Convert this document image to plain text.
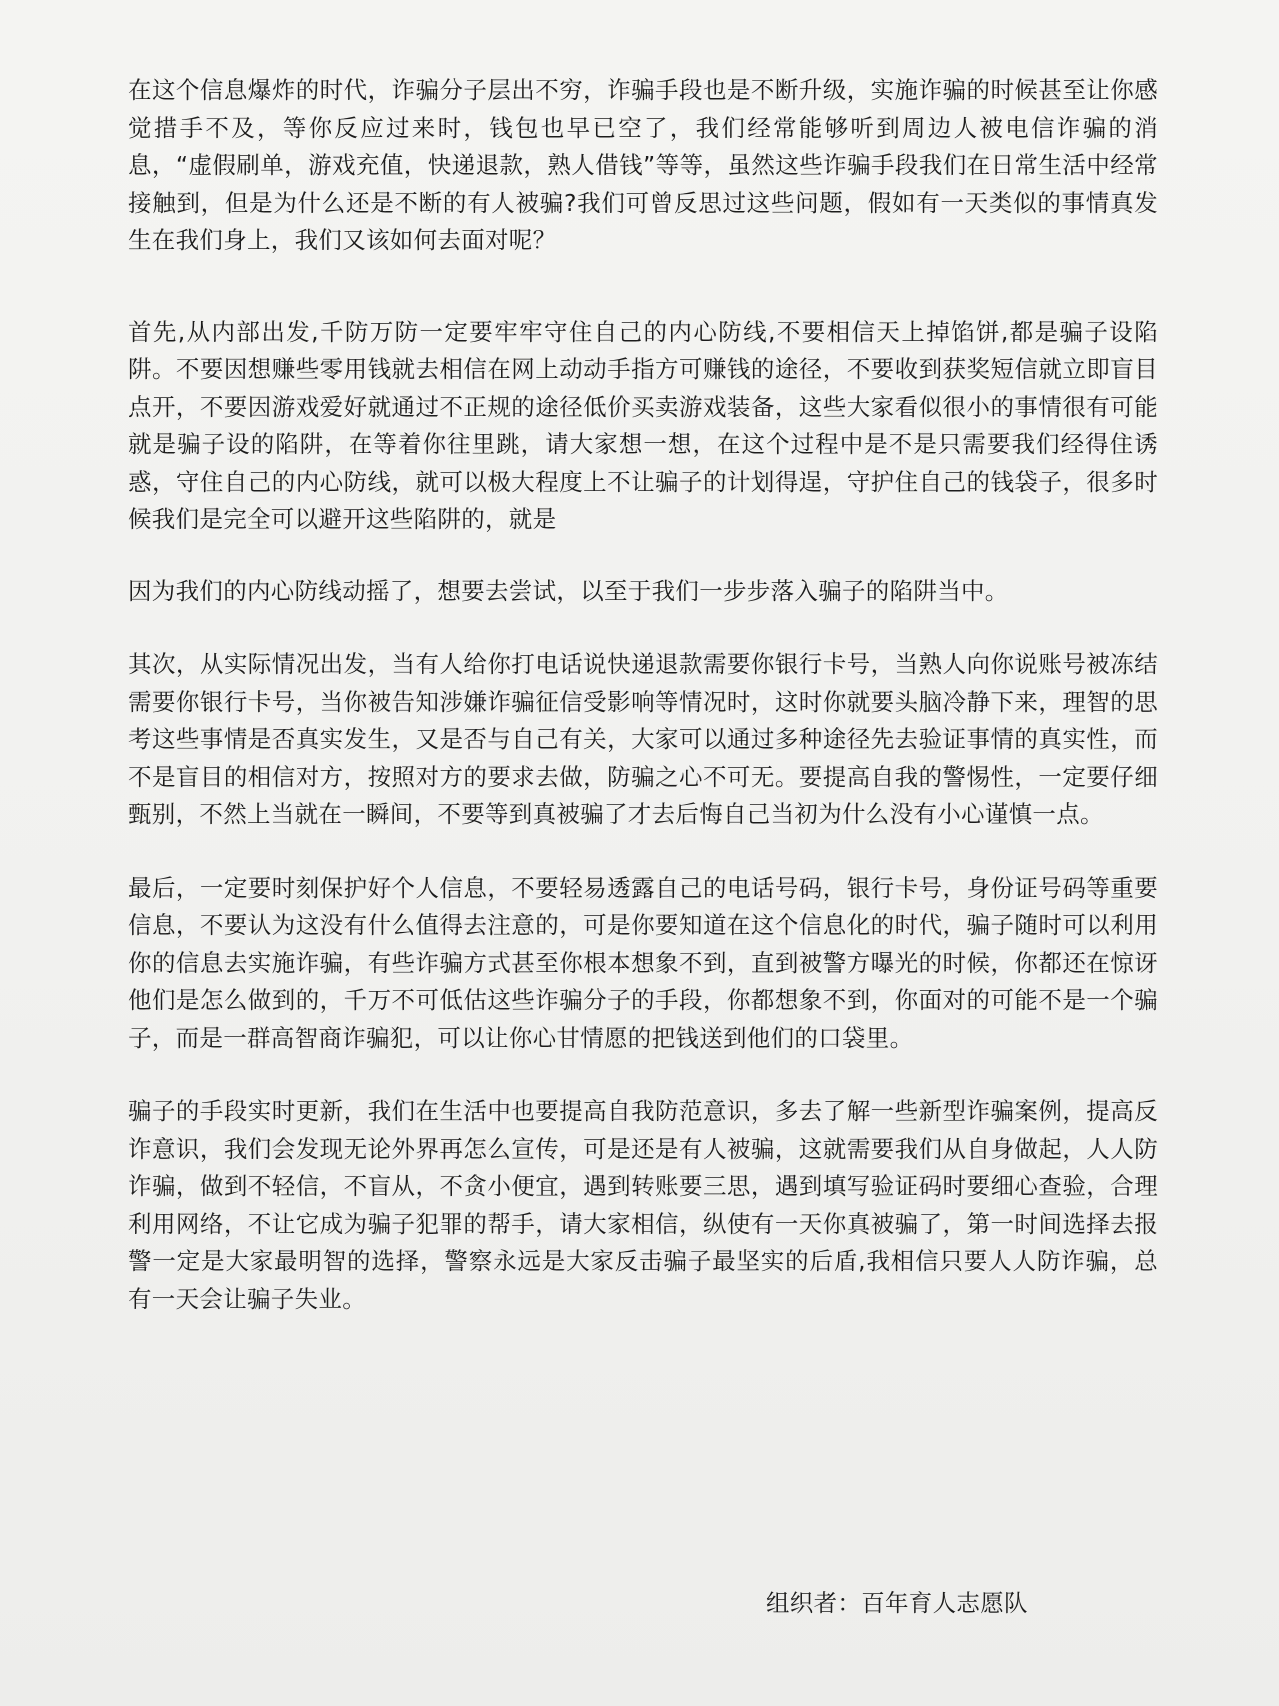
在这个信息爆炸的时代，诈骗分子层出不穷，诈骗手段也是不断升级，实施诈骗的时候甚至让你感觉措手不及，等你反应过来时，钱包也早已空了，我们经常能够听到周边人被电信诈骗的消息，“虚假刷单，游戏充值，快递退款，熟人借钱”等等，虽然这些诈骗手段我们在日常生活中经常接触到，但是为什么还是不断的有人被骗?我们可曾反思过这些问题，假如有一天类似的事情真发生在我们身上，我们又该如何去面对呢？

首先,从内部出发,千防万防一定要牢牢守住自己的内心防线,不要相信天上掉馅饼,都是骗子设陷阱。不要因想赚些零用钱就去相信在网上动动手指方可赚钱的途径，不要收到获奖短信就立即盲目点开，不要因游戏爱好就通过不正规的途径低价买卖游戏装备，这些大家看似很小的事情很有可能就是骗子设的陷阱，在等着你往里跳，请大家想一想，在这个过程中是不是只需要我们经得住诱惑，守住自己的内心防线，就可以极大程度上不让骗子的计划得逞，守护住自己的钱袋子，很多时候我们是完全可以避开这些陷阱的，就是

因为我们的内心防线动摇了，想要去尝试，以至于我们一步步落入骗子的陷阱当中。

其次，从实际情况出发，当有人给你打电话说快递退款需要你银行卡号，当熟人向你说账号被冻结需要你银行卡号，当你被告知涉嫌诈骗征信受影响等情况时，这时你就要头脑冷静下来，理智的思考这些事情是否真实发生，又是否与自己有关，大家可以通过多种途径先去验证事情的真实性，而不是盲目的相信对方，按照对方的要求去做，防骗之心不可无。要提高自我的警惕性，一定要仔细甄别，不然上当就在一瞬间，不要等到真被骗了才去后悔自己当初为什么没有小心谨慎一点。

最后，一定要时刻保护好个人信息，不要轻易透露自己的电话号码，银行卡号，身份证号码等重要信息，不要认为这没有什么值得去注意的，可是你要知道在这个信息化的时代，骗子随时可以利用你的信息去实施诈骗，有些诈骗方式甚至你根本想象不到，直到被警方曝光的时候，你都还在惊讶他们是怎么做到的，千万不可低估这些诈骗分子的手段，你都想象不到，你面对的可能不是一个骗子，而是一群高智商诈骗犯，可以让你心甘情愿的把钱送到他们的口袋里。

骗子的手段实时更新，我们在生活中也要提高自我防范意识，多去了解一些新型诈骗案例，提高反诈意识，我们会发现无论外界再怎么宣传，可是还是有人被骗，这就需要我们从自身做起，人人防诈骗，做到不轻信，不盲从，不贪小便宜，遇到转账要三思，遇到填写验证码时要细心查验，合理利用网络，不让它成为骗子犯罪的帮手，请大家相信，纵使有一天你真被骗了，第一时间选择去报警一定是大家最明智的选择，警察永远是大家反击骗子最坚实的后盾,我相信只要人人防诈骗，总有一天会让骗子失业。

组织者：百年育人志愿队
